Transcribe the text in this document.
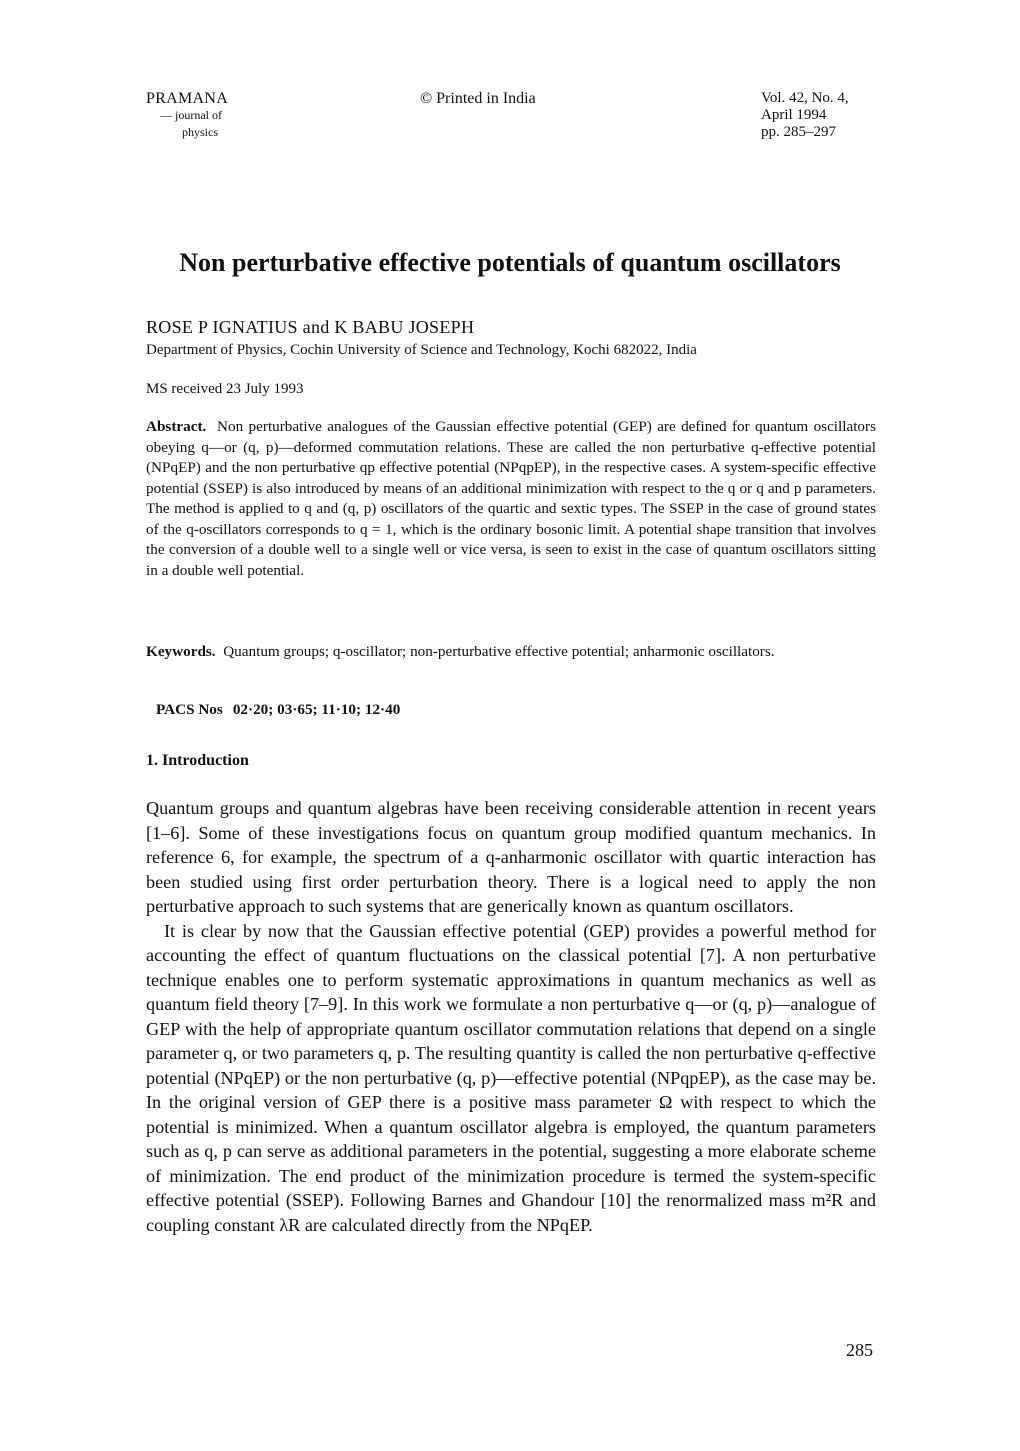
PRAMANA
— journal of
physics
© Printed in India	Vol. 42, No. 4,
April 1994
pp. 285–297
Non perturbative effective potentials of quantum oscillators
ROSE P IGNATIUS and K BABU JOSEPH
Department of Physics, Cochin University of Science and Technology, Kochi 682022, India
MS received 23 July 1993

Abstract. Non perturbative analogues of the Gaussian effective potential (GEP) are defined for quantum oscillators obeying q—or (q, p)—deformed commutation relations. These are called the non perturbative q-effective potential (NPqEP) and the non perturbative qp effective potential (NPqpEP), in the respective cases. A system-specific effective potential (SSEP) is also introduced by means of an additional minimization with respect to the q or q and p parameters. The method is applied to q and (q, p) oscillators of the quartic and sextic types. The SSEP in the case of ground states of the q-oscillators corresponds to q = 1, which is the ordinary bosonic limit. A potential shape transition that involves the conversion of a double well to a single well or vice versa, is seen to exist in the case of quantum oscillators sitting in a double well potential.

Keywords. Quantum groups; q-oscillator; non-perturbative effective potential; anharmonic oscillators.

PACS Nos 02·20; 03·65; 11·10; 12·40
1. Introduction

Quantum groups and quantum algebras have been receiving considerable attention in recent years [1–6]. Some of these investigations focus on quantum group modified quantum mechanics. In reference 6, for example, the spectrum of a q-anharmonic oscillator with quartic interaction has been studied using first order perturbation theory. There is a logical need to apply the non perturbative approach to such systems that are generically known as quantum oscillators.

It is clear by now that the Gaussian effective potential (GEP) provides a powerful method for accounting the effect of quantum fluctuations on the classical potential [7]. A non perturbative technique enables one to perform systematic approximations in quantum mechanics as well as quantum field theory [7–9]. In this work we formulate a non perturbative q—or (q, p)—analogue of GEP with the help of appropriate quantum oscillator commutation relations that depend on a single parameter q, or two parameters q, p. The resulting quantity is called the non perturbative q-effective potential (NPqEP) or the non perturbative (q, p)—effective potential (NPqpEP), as the case may be. In the original version of GEP there is a positive mass parameter Ω with respect to which the potential is minimized. When a quantum oscillator algebra is employed, the quantum parameters such as q, p can serve as additional parameters in the potential, suggesting a more elaborate scheme of minimization. The end product of the minimization procedure is termed the system-specific effective potential (SSEP). Following Barnes and Ghandour [10] the renormalized mass m²R and coupling constant λR are calculated directly from the NPqEP.

285
